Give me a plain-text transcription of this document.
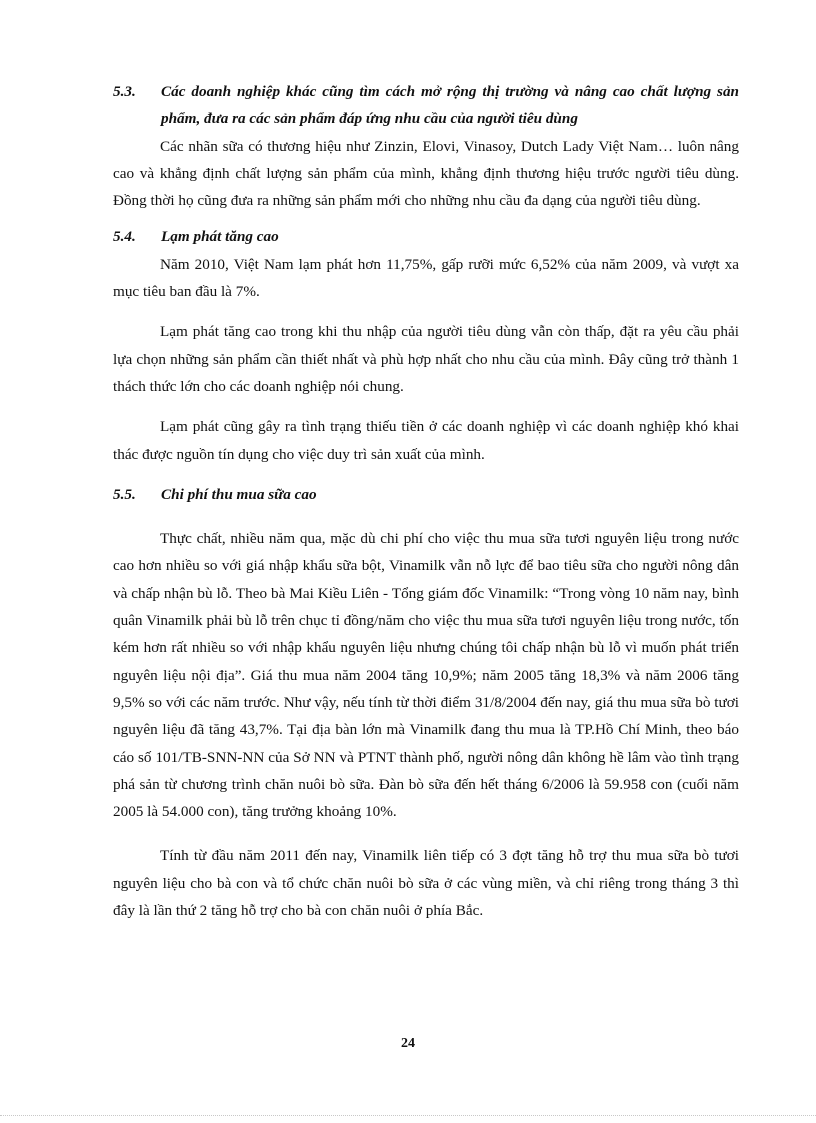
5.3.	Các doanh nghiệp khác cũng tìm cách mở rộng thị trường và nâng cao chất lượng sản phẩm, đưa ra các sản phẩm đáp ứng nhu cầu của người tiêu dùng

Các nhãn sữa có thương hiệu như Zinzin, Elovi, Vinasoy, Dutch Lady Việt Nam… luôn nâng cao và khẳng định chất lượng sản phẩm của mình, khẳng định thương hiệu trước người tiêu dùng. Đồng thời họ cũng đưa ra những sản phẩm mới cho những nhu cầu đa dạng của người tiêu dùng.

5.4.	Lạm phát tăng cao

Năm 2010, Việt Nam lạm phát hơn 11,75%, gấp rưỡi mức 6,52% của năm 2009, và vượt xa mục tiêu ban đầu là 7%.

Lạm phát tăng cao trong khi thu nhập của người tiêu dùng vẫn còn thấp, đặt ra yêu cầu phải lựa chọn những sản phẩm cần thiết nhất và phù hợp nhất cho nhu cầu của mình. Đây cũng trở thành 1 thách thức lớn cho các doanh nghiệp nói chung.

Lạm phát cũng gây ra tình trạng thiếu tiền ở các doanh nghiệp vì các doanh nghiệp khó khai thác được nguồn tín dụng cho việc duy trì sản xuất của mình.

5.5.	Chi phí thu mua sữa cao

Thực chất, nhiều năm qua, mặc dù chi phí cho việc thu mua sữa tươi nguyên liệu trong nước cao hơn nhiều so với giá nhập khẩu sữa bột, Vinamilk vẫn nỗ lực để bao tiêu sữa cho người nông dân và chấp nhận bù lỗ. Theo bà Mai Kiều Liên - Tổng giám đốc Vinamilk: “Trong vòng 10 năm nay, bình quân Vinamilk phải bù lỗ trên chục tỉ đồng/năm cho việc thu mua sữa tươi nguyên liệu trong nước, tốn kém hơn rất nhiều so với nhập khẩu nguyên liệu nhưng chúng tôi chấp nhận bù lỗ vì muốn phát triển nguyên liệu nội địa”. Giá thu mua năm 2004 tăng 10,9%; năm 2005 tăng 18,3% và năm 2006 tăng 9,5% so với các năm trước. Như vậy, nếu tính từ thời điểm 31/8/2004 đến nay, giá thu mua sữa bò tươi nguyên liệu đã tăng 43,7%. Tại địa bàn lớn mà Vinamilk đang thu mua là TP.Hồ Chí Minh, theo báo cáo số 101/TB-SNN-NN của Sở NN và PTNT thành phố, người nông dân không hề lâm vào tình trạng phá sản từ chương trình chăn nuôi bò sữa. Đàn bò sữa đến hết tháng 6/2006 là 59.958 con (cuối năm 2005 là 54.000 con), tăng trưởng khoảng 10%.

Tính từ đầu năm 2011 đến nay, Vinamilk liên tiếp có 3 đợt tăng hỗ trợ thu mua sữa bò tươi nguyên liệu cho bà con và tổ chức chăn nuôi bò sữa ở các vùng miền, và chỉ riêng trong tháng 3 thì đây là lần thứ 2 tăng hỗ trợ cho bà con chăn nuôi ở phía Bắc.

24
